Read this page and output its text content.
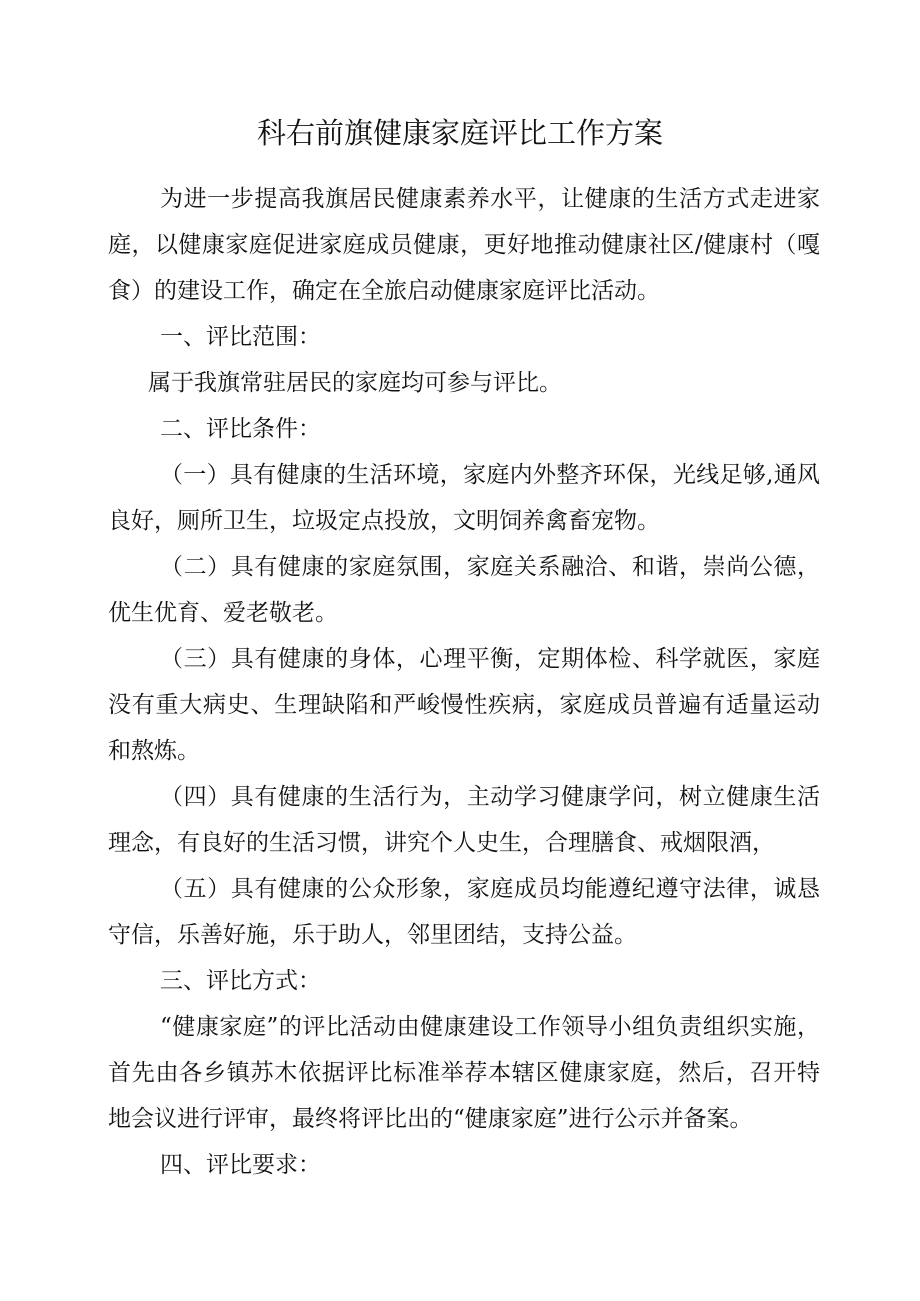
科右前旗健康家庭评比工作方案

为进一步提高我旗居民健康素养水平，让健康的生活方式走进家庭，以健康家庭促进家庭成员健康，更好地推动健康社区/健康村（嘎食）的建设工作，确定在全旅启动健康家庭评比活动。

一、评比范围：

属于我旗常驻居民的家庭均可参与评比。

二、评比条件：

（一）具有健康的生活环境，家庭内外整齐环保，光线足够,通风良好，厕所卫生，垃圾定点投放，文明饲养禽畜宠物。

（二）具有健康的家庭氛围，家庭关系融洽、和谐，崇尚公德，优生优育、爱老敬老。

（三）具有健康的身体，心理平衡，定期体检、科学就医，家庭没有重大病史、生理缺陷和严峻慢性疾病，家庭成员普遍有适量运动和熬炼。

（四）具有健康的生活行为，主动学习健康学问，树立健康生活理念，有良好的生活习惯，讲究个人史生，合理膳食、戒烟限酒，

（五）具有健康的公众形象，家庭成员均能遵纪遵守法律，诚恳守信，乐善好施，乐于助人，邻里团结，支持公益。

三、评比方式：

“健康家庭”的评比活动由健康建设工作领导小组负责组织实施，首先由各乡镇苏木依据评比标准举荐本辖区健康家庭，然后，召开特地会议进行评审，最终将评比出的“健康家庭”进行公示并备案。

四、评比要求：
